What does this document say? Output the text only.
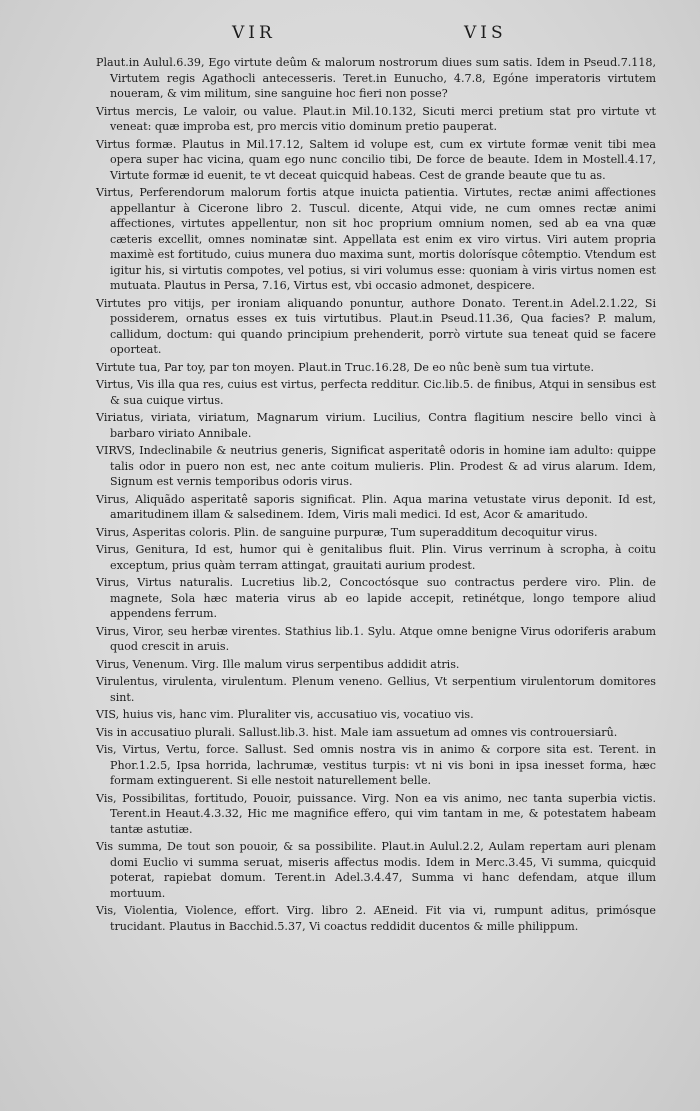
VIR	VIS

Plaut.in Aulul.6.39, Ego virtute deûm & malorum nostrorum diues sum satis. Idem in Pseud.7.118, Virtutem regis Agathocli antecesseris. Teret.in Eunucho, 4.7.8, Egóne imperatoris virtutem noueram, & vim militum, sine sanguine hoc fieri non posse?

Virtus mercis, Le valoir, ou value. Plaut.in Mil.10.132, Sicuti merci pretium stat pro virtute vt veneat: quæ improba est, pro mercis vitio dominum pretio pauperat.

Virtus formæ. Plautus in Mil.17.12, Saltem id volupe est, cum ex virtute formæ venit tibi mea opera super hac vicina, quam ego nunc concilio tibi, De force de beaute. Idem in Mostell.4.17, Virtute formæ id euenit, te vt deceat quicquid habeas. Cest de grande beaute que tu as.

Virtus, Perferendorum malorum fortis atque inuicta patientia. Virtutes, rectæ animi affectiones appellantur à Cicerone libro 2. Tuscul. dicente, Atqui vide, ne cum omnes rectæ animi affectiones, virtutes appellentur, non sit hoc proprium omnium nomen, sed ab ea vna quæ cæteris excellit, omnes nominatæ sint. Appellata est enim ex viro virtus. Viri autem propria maximè est fortitudo, cuius munera duo maxima sunt, mortis dolorísque côtemptio. Vtendum est igitur his, si virtutis compotes, vel potius, si viri volumus esse: quoniam à viris virtus nomen est mutuata. Plautus in Persa, 7.16, Virtus est, vbi occasio admonet, despicere.

Virtutes pro vitijs, per ironiam aliquando ponuntur, authore Donato. Terent.in Adel.2.1.22, Si possiderem, ornatus esses ex tuis virtutibus. Plaut.in Pseud.11.36, Qua facies? P. malum, callidum, doctum: qui quando principium prehenderit, porrò virtute sua teneat quid se facere oporteat.

Virtute tua, Par toy, par ton moyen. Plaut.in Truc.16.28, De eo nûc benè sum tua virtute.

Virtus, Vis illa qua res, cuius est virtus, perfecta redditur. Cic.lib.5. de finibus, Atqui in sensibus est & sua cuique virtus.

Viriatus, viriata, viriatum, Magnarum virium. Lucilius, Contra flagitium nescire bello vinci à barbaro viriato Annibale.

VIRVS, Indeclinabile & neutrius generis, Significat asperitatê odoris in homine iam adulto: quippe talis odor in puero non est, nec ante coitum mulieris. Plin. Prodest & ad virus alarum. Idem, Signum est vernis temporibus odoris virus.

Virus, Aliquãdo asperitatê saporis significat. Plin. Aqua marina vetustate virus deponit. Id est, amaritudinem illam & salsedinem. Idem, Viris mali medici. Id est, Acor & amaritudo.

Virus, Asperitas coloris. Plin. de sanguine purpuræ, Tum superadditum decoquitur virus.

Virus, Genitura, Id est, humor qui è genitalibus fluit. Plin. Virus verrinum à scropha, à coitu exceptum, prius quàm terram attingat, grauitati aurium prodest.

Virus, Virtus naturalis. Lucretius lib.2, Concoctósque suo contractus perdere viro. Plin. de magnete, Sola hæc materia virus ab eo lapide accepit, retinétque, longo tempore aliud appendens ferrum.

Virus, Viror, seu herbæ virentes. Stathius lib.1. Sylu. Atque omne benigne Virus odoriferis arabum quod crescit in aruis.

Virus, Venenum. Virg. Ille malum virus serpentibus addidit atris.

Virulentus, virulenta, virulentum. Plenum veneno. Gellius, Vt serpentium virulentorum domitores sint.

VIS, huius vis, hanc vim. Pluraliter vis, accusatiuo vis, vocatiuo vis.

Vis in accusatiuo plurali. Sallust.lib.3. hist. Male iam assuetum ad omnes vis controuersiarû.

Vis, Virtus, Vertu, force. Sallust. Sed omnis nostra vis in animo & corpore sita est. Terent. in Phor.1.2.5, Ipsa horrida, lachrumæ, vestitus turpis: vt ni vis boni in ipsa inesset forma, hæc formam extinguerent. Si elle nestoit naturellement belle.

Vis, Possibilitas, fortitudo, Pouoir, puissance. Virg. Non ea vis animo, nec tanta superbia victis. Terent.in Heaut.4.3.32, Hic me magnifice effero, qui vim tantam in me, & potestatem habeam tantæ astutiæ.

Vis summa, De tout son pouoir, & sa possibilite. Plaut.in Aulul.2.2, Aulam repertam auri plenam domi Euclio vi summa seruat, miseris affectus modis. Idem in Merc.3.45, Vi summa, quicquid poterat, rapiebat domum. Terent.in Adel.3.4.47, Summa vi hanc defendam, atque illum mortuum.

Vis, Violentia, Violence, effort. Virg. libro 2. AEneid. Fit via vi, rumpunt aditus, primósque trucidant. Plautus in Bacchid.5.37, Vi coactus reddidit ducentos & mille philippum.
